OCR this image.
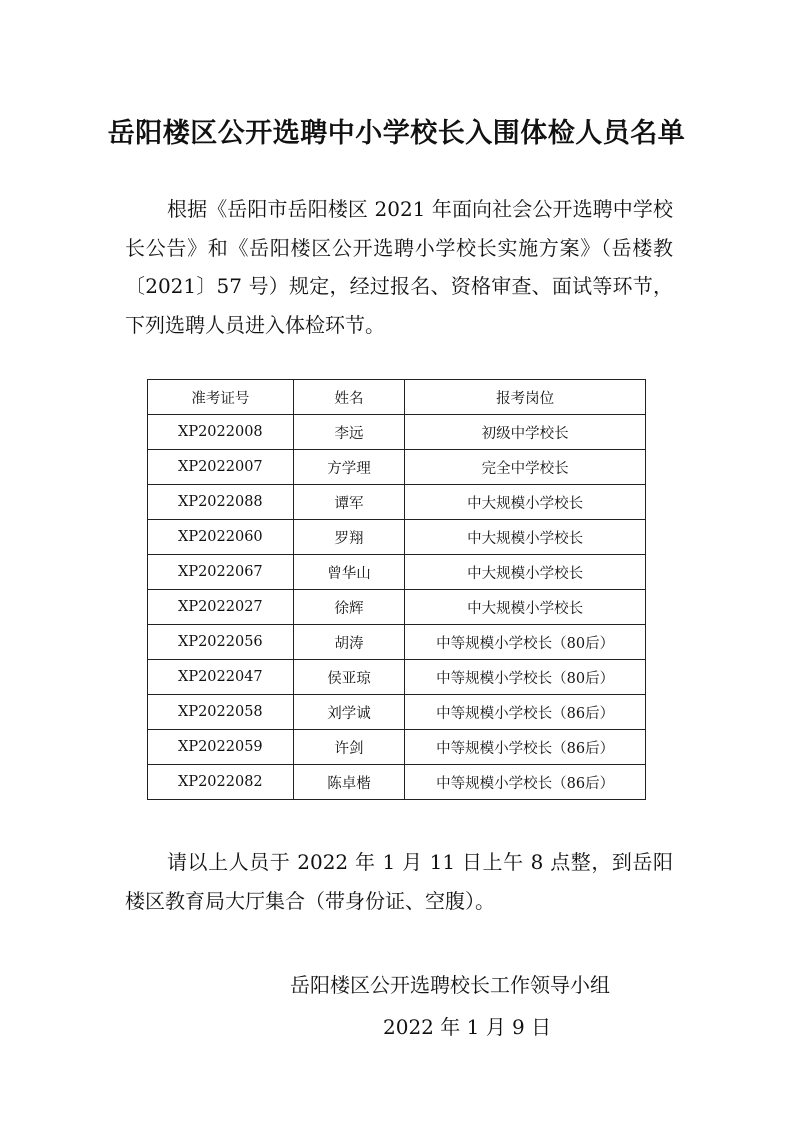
岳阳楼区公开选聘中小学校长入围体检人员名单

根据《岳阳市岳阳楼区 2021 年面向社会公开选聘中学校长公告》和《岳阳楼区公开选聘小学校长实施方案》（岳楼教〔2021〕57 号）规定，经过报名、资格审查、面试等环节，下列选聘人员进入体检环节。

准考证号	姓名	报考岗位
XP2022008	李远	初级中学校长
XP2022007	方学理	完全中学校长
XP2022088	谭军	中大规模小学校长
XP2022060	罗翔	中大规模小学校长
XP2022067	曾华山	中大规模小学校长
XP2022027	徐辉	中大规模小学校长
XP2022056	胡涛	中等规模小学校长（80后）
XP2022047	侯亚琼	中等规模小学校长（80后）
XP2022058	刘学诚	中等规模小学校长（86后）
XP2022059	许剑	中等规模小学校长（86后）
XP2022082	陈卓楷	中等规模小学校长（86后）

请以上人员于 2022 年 1 月 11 日上午 8 点整，到岳阳楼区教育局大厅集合（带身份证、空腹）。

岳阳楼区公开选聘校长工作领导小组
2022 年 1 月 9 日
